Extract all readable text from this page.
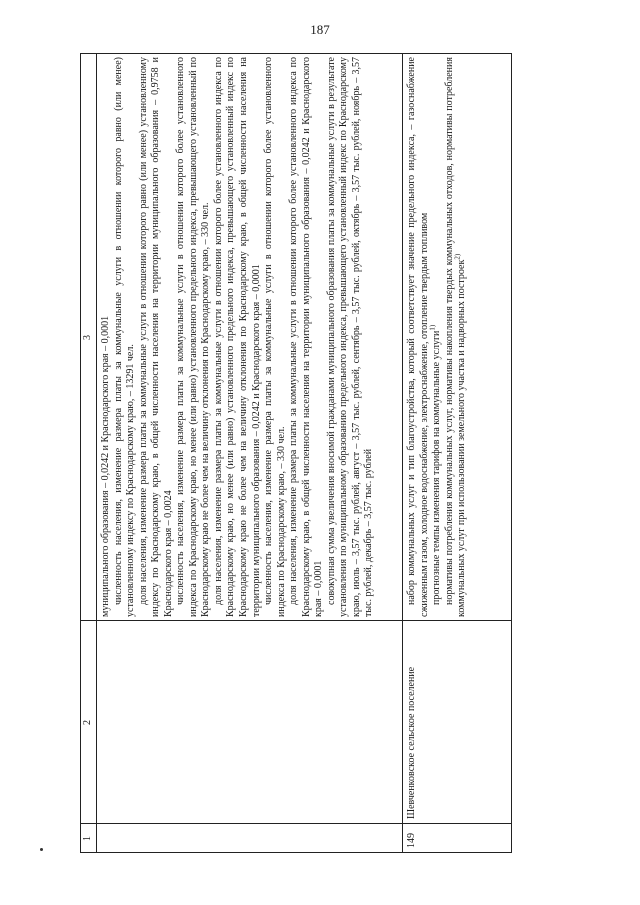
187
1
2
3 муниципального образования – 0,0242 и Краснодарского края – 0,0001 численность населения, изменение размера платы за коммунальные услуги в отношении которого равно (или менее) установленному индексу по Краснодарскому краю, – 13291 чел. доля населения, изменение размера платы за коммунальные услуги в отношении которого равно (или менее) установленному индексу по Краснодарскому краю, в общей численности населения на территории муниципального образования – 0,9758 и Краснодарского края – 0,0024 численность населения, изменение размера платы за коммунальные услуги в отношении которого более установленного индекса по Краснодарскому краю, но менее (или равно) установленного предельного индекса, превышающего установленный по Краснодарскому краю не более чем на величину отклонения по Краснодарскому краю, – 330 чел. доля населения, изменение размера платы за коммунальные услуги в отношении которого более установленного индекса по Краснодарскому краю, но менее (или равно) установленного предельного индекса, превышающего установленный индекс по Краснодарскому краю не более чем на величину отклонения по Краснодарскому краю, в общей численности населения на территории муниципального образования – 0,0242 и Краснодарского края – 0,0001 численность населения, изменение размера платы за коммунальные услуги в отношении которого более установленного индекса по Краснодарскому краю, – 330 чел. доля населения, изменение размера платы за коммунальные услуги в отношении которого более установленного индекса по Краснодарскому краю, в общей численности населения на территории муниципального образования – 0,0242 и Краснодарского края – 0,0001 совокупная сумма увеличения вносимой гражданами муниципального образования платы за коммунальные услуги в результате установления по муниципальному образованию предельного индекса, превышающего установленный индекс по Краснодарскому краю, июль – 3,57 тыс. рублей, август – 3,57 тыс. рублей, сентябрь – 3,57 тыс. рублей, октябрь – 3,57 тыс. рублей, ноябрь – 3,57 тыс. рублей, декабрь – 3,57 тыс. рублей

149
Шевченковское сельское поселение

набор коммунальных услуг и тип благоустройства, который соответствует значение предельного индекса, – газоснабжение сжиженным газом, холодное водоснабжение, электроснабжение, отопление твердым топливом прогнозные темпы изменения тарифов на коммунальные услуги$^{1)}$ нормативы потребления коммунальных услуг, нормативы накопления твердых коммунальных отходов, нормативы потребления коммунальных услуг при использовании земельного участка и надворных построек$^{2)}$
